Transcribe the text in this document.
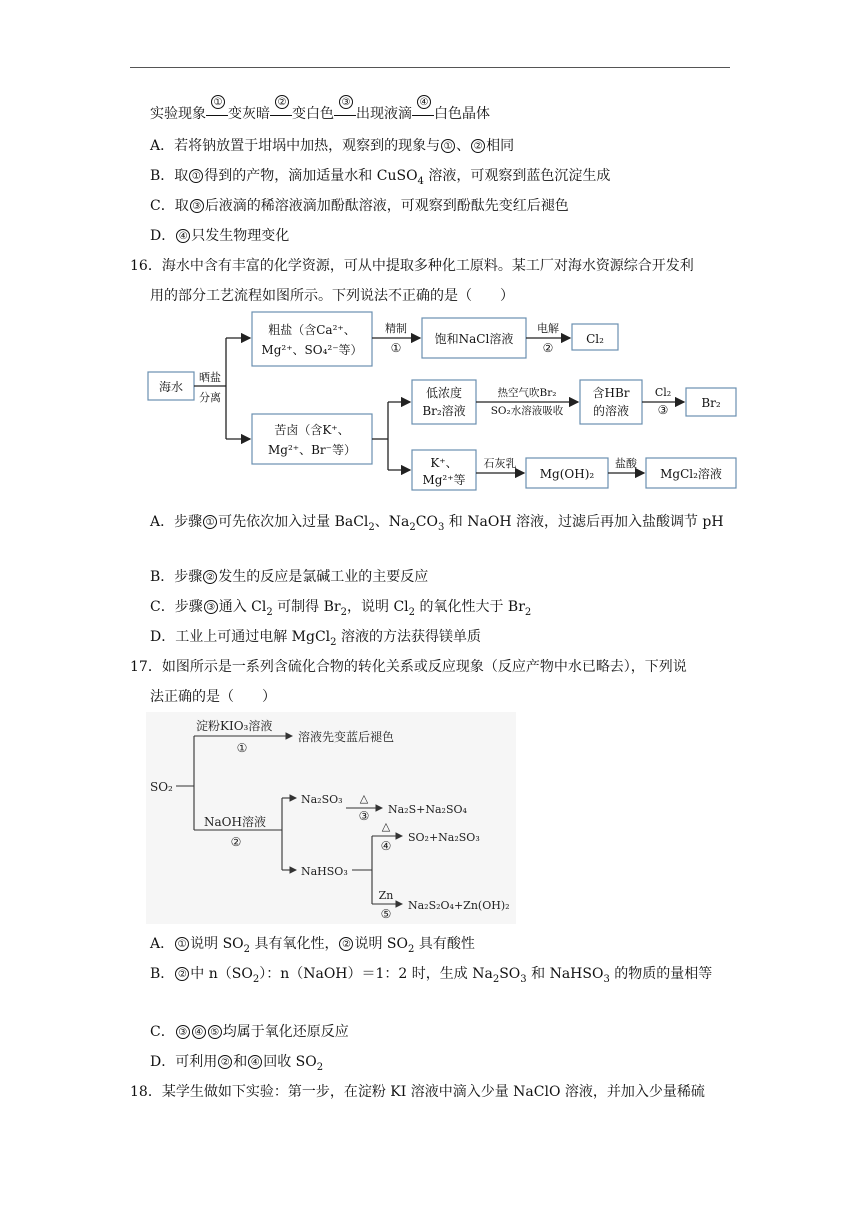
实验现象
①
变灰暗
②
变白色
③
出现液滴
④
白色晶体
A．若将钠放置于坩埚中加热，观察到的现象与 ① 、 ② 相同
B．取 ① 得到的产物，滴加适量水和 CuSO$_4$ 溶液，可观察到蓝色沉淀生成
C．取 ③ 后液滴的稀溶液滴加酚酞溶液，可观察到酚酞先变红后褪色
D． ④ 只发生物理变化
16．海水中含有丰富的化学资源，可从中提取多种化工原料。某工厂对海水资源综合开发利
用的部分工艺流程如图所示。下列说法不正确的是（　　）
海水
晒盐
分离
粗盐（含Ca²⁺、
Mg²⁺、SO₄²⁻等）
精制
①
饱和NaCl溶液
电解
②
Cl₂
苦卤（含K⁺、
Mg²⁺、Br⁻等）
低浓度
Br₂溶液
热空气吹Br₂
SO₂水溶液吸收
含HBr
的溶液
Cl₂
③	Br₂
K⁺、
Mg²⁺等
石灰乳
Mg(OH)₂
盐酸
MgCl₂溶液
A．步骤 ① 可先依次加入过量 BaCl$_2$、$Na_2CO_3$ 和 NaOH 溶液，过滤后再加入盐酸调节 pH
B．步骤 ② 发生的反应是氯碱工业的主要反应
C．步骤 ③ 通入 $Cl_2$ 可制得 $Br_2$，说明 $Cl_2$ 的氧化性大于 $Br_2$
D．工业上可通过电解 MgCl$_2$ 溶液的方法获得镁单质
17．如图所示是一系列含硫化合物的转化关系或反应现象（反应产物中水已略去），下列说
法正确的是（　　）
SO₂
淀粉KIO₃溶液
①
溶液先变蓝后褪色
NaOH溶液
②
Na₂SO₃ △
③ Na₂S+Na₂SO₄
NaHSO₃
△
④
SO₂+Na₂SO₃
Zn
⑤
Na₂S₂O₄+Zn(OH)₂
A． ① 说明 $SO_2$ 具有氧化性， ② 说明 $SO_2$ 具有酸性
B． ② 中 $n(SO_2)$：n（NaOH）＝1：2 时，生成 $Na_2SO_3$ 和 NaHSO$_3$ 的物质的量相等
C． ③ ④ ⑤ 均属于氧化还原反应
D．可利用 ② 和 ④ 回收 $SO_2$
18．某学生做如下实验：第一步，在淀粉 KI 溶液中滴入少量 NaClO 溶液，并加入少量稀硫
